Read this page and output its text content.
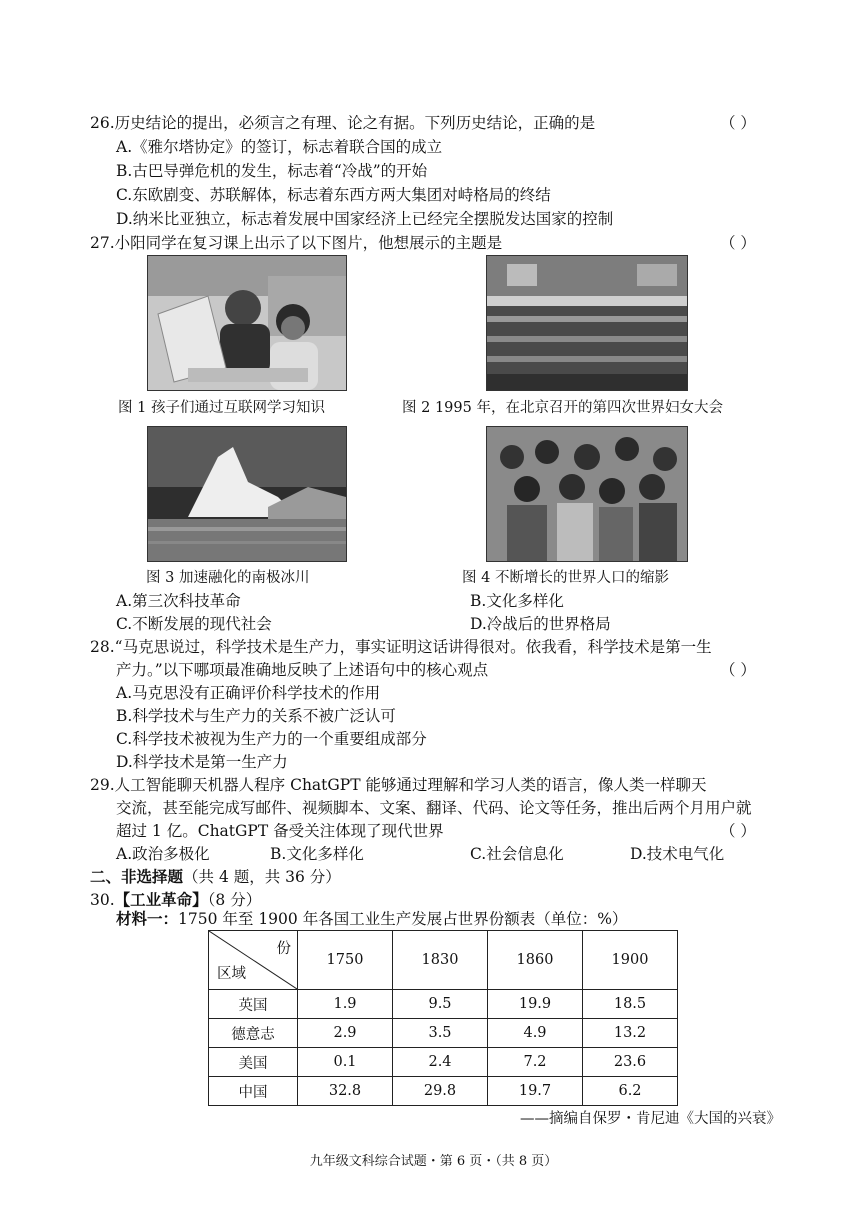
26.历史结论的提出，必须言之有理、论之有据。下列历史结论，正确的是	（ ）
A.《雅尔塔协定》的签订，标志着联合国的成立
B.古巴导弹危机的发生，标志着“冷战”的开始
C.东欧剧变、苏联解体，标志着东西方两大集团对峙格局的终结
D.纳米比亚独立，标志着发展中国家经济上已经完全摆脱发达国家的控制
27.小阳同学在复习课上出示了以下图片，他想展示的主题是	（ ）
图 1 孩子们通过互联网学习知识	图 2 1995 年，在北京召开的第四次世界妇女大会
图 3 加速融化的南极冰川	图 4 不断增长的世界人口的缩影
A.第三次科技革命	B.文化多样化
C.不断发展的现代社会	D.冷战后的世界格局
28.“马克思说过，科学技术是生产力，事实证明这话讲得很对。依我看，科学技术是第一生
产力。”以下哪项最准确地反映了上述语句中的核心观点	（ ）
A.马克思没有正确评价科学技术的作用
B.科学技术与生产力的关系不被广泛认可
C.科学技术被视为生产力的一个重要组成部分
D.科学技术是第一生产力
29.人工智能聊天机器人程序 ChatGPT 能够通过理解和学习人类的语言，像人类一样聊天
交流，甚至能完成写邮件、视频脚本、文案、翻译、代码、论文等任务，推出后两个月用户就
超过 1 亿。ChatGPT 备受关注体现了现代世界	（ ）
A.政治多极化	B.文化多样化	C.社会信息化	D.技术电气化
二、非选择题（共 4 题，共 36 分）
30.【工业革命】（8 分）
材料一：1750 年至 1900 年各国工业生产发展占世界份额表（单位：%）
份
区域	1750	1830	1860	1900
英国	1.9	9.5	19.9	18.5
德意志	2.9	3.5	4.9	13.2
美国	0.1	2.4	7.2	23.6
中国	32.8	29.8	19.7	6.2
——摘编自保罗・肯尼迪《大国的兴衰》
九年级文科综合试题・第 6 页・（共 8 页）
